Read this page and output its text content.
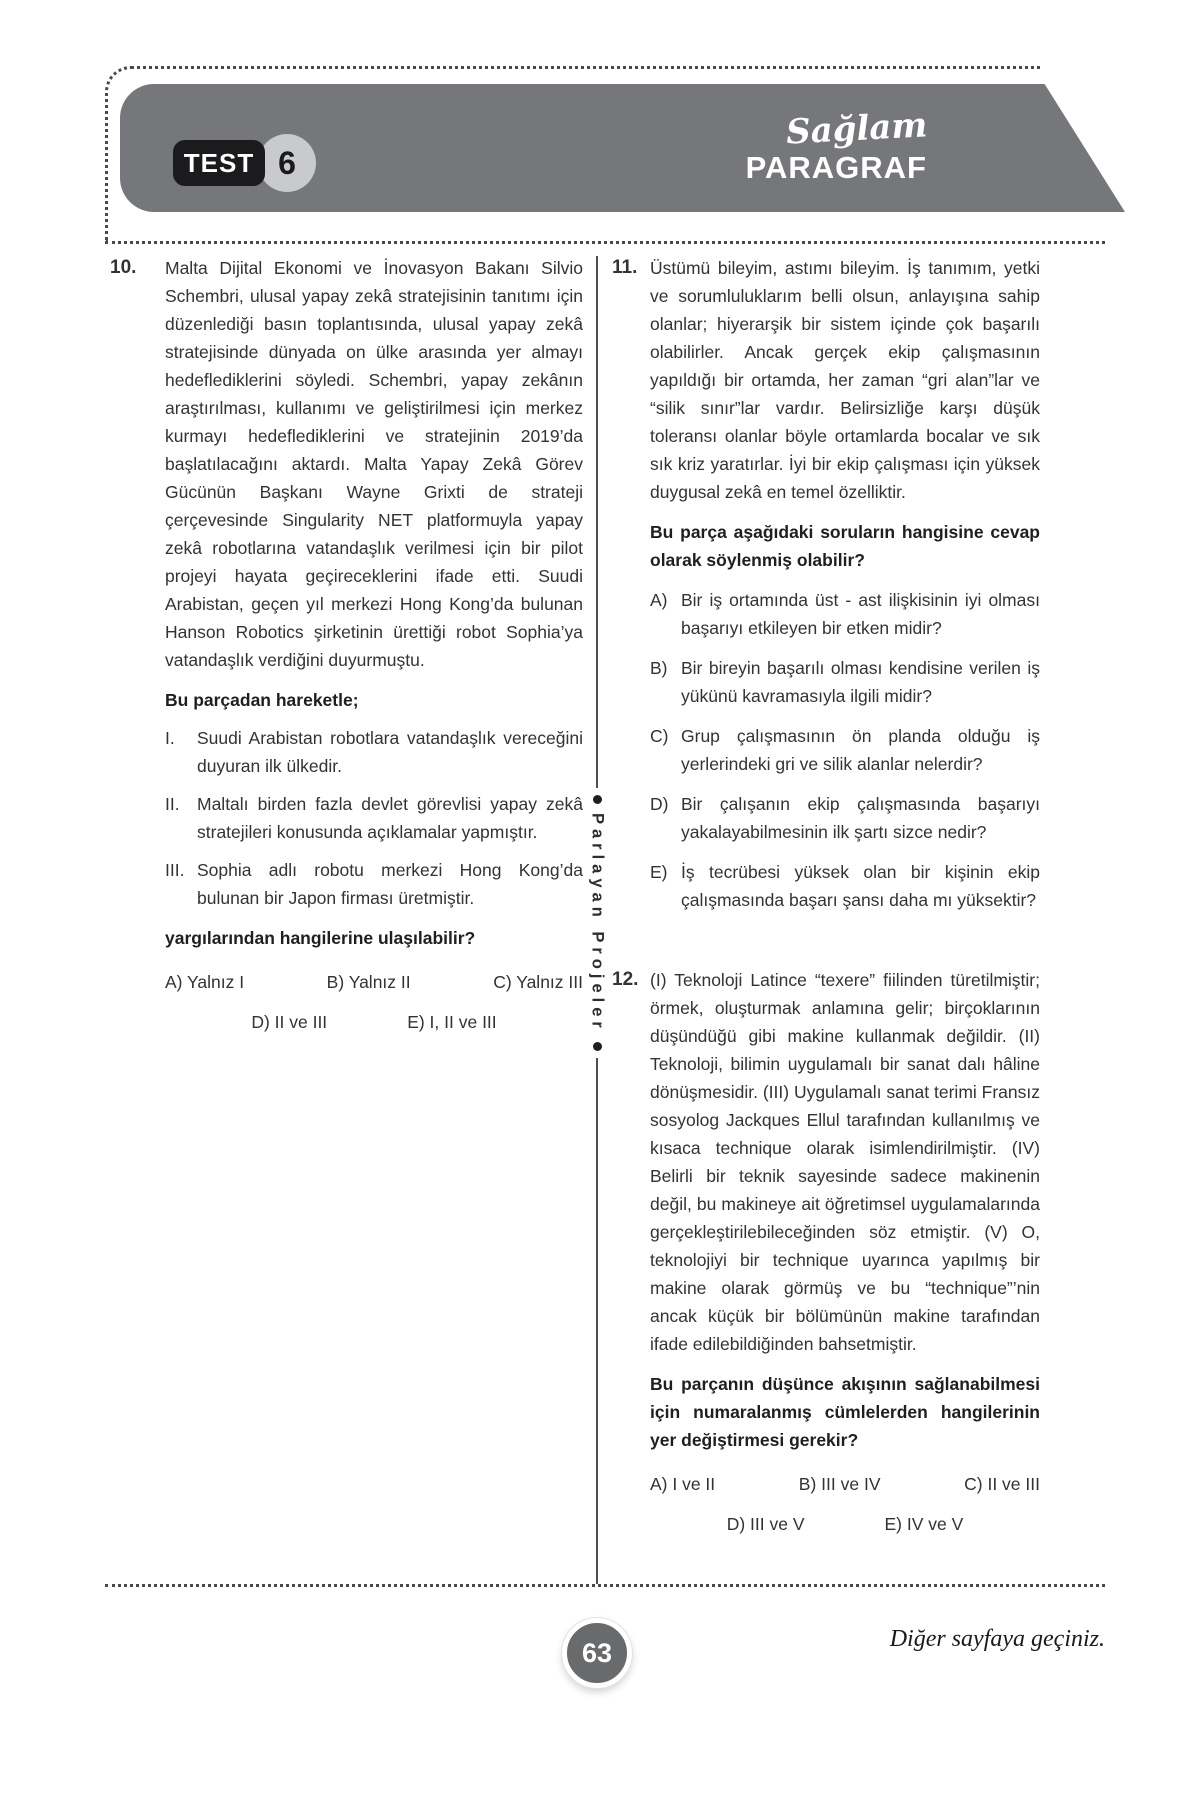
6
TEST
Sağlam
PARAGRAF
10.	Malta Dijital Ekonomi ve İnovasyon Bakanı Silvio Schembri, ulusal yapay zekâ stratejisinin tanıtımı için düzenlediği basın toplantısında, ulusal yapay zekâ stratejisinde dünyada on ülke arasında yer almayı hedeflediklerini söyledi. Schembri, yapay zekânın araştırılması, kullanımı ve geliştirilmesi için merkez kurmayı hedeflediklerini ve stratejinin 2019’da başlatılacağını aktardı. Malta Yapay Zekâ Görev Gücünün Başkanı Wayne Grixti de strateji çerçevesinde Singularity NET platformuyla yapay zekâ robotlarına vatandaşlık verilmesi için bir pilot projeyi hayata geçireceklerini ifade etti. Suudi Arabistan, geçen yıl merkezi Hong Kong’da bulunan Hanson Robotics şirketinin ürettiği robot Sophia’ya vatandaşlık verdiğini duyurmuştu.

Bu parçadan hareketle;

I.	Suudi Arabistan robotlara vatandaşlık vereceğini duyuran ilk ülkedir.
II. Maltalı birden fazla devlet görevlisi yapay zekâ stratejileri konusunda açıklamalar yapmıştır.
III. Sophia adlı robotu merkezi Hong Kong’da bulunan bir Japon firması üretmiştir.

yargılarından hangilerine ulaşılabilir?

A) Yalnız I	B) Yalnız II	C) Yalnız III
D) II ve III	E) I, II ve III	Parlayan Projeler
11. Üstümü bileyim, astımı bileyim. İş tanımım, yetki ve sorumluluklarım belli olsun, anlayışına sahip olanlar; hiyerarşik bir sistem içinde çok başarılı olabilirler. Ancak gerçek ekip çalışmasının yapıldığı bir ortamda, her zaman “gri alan”lar ve “silik sınır”lar vardır. Belirsizliğe karşı düşük toleransı olanlar böyle ortamlarda bocalar ve sık sık kriz yaratırlar. İyi bir ekip çalışması için yüksek duygusal zekâ en temel özelliktir.

Bu parça aşağıdaki soruların hangisine cevap olarak söylenmiş olabilir?

A) Bir iş ortamında üst - ast ilişkisinin iyi olması başarıyı etkileyen bir etken midir?
B) Bir bireyin başarılı olması kendisine verilen iş yükünü kavramasıyla ilgili midir?
C) Grup çalışmasının ön planda olduğu iş yerlerindeki gri ve silik alanlar nelerdir?
D) Bir çalışanın ekip çalışmasında başarıyı yakalayabilmesinin ilk şartı sizce nedir?
E) İş tecrübesi yüksek olan bir kişinin ekip çalışmasında başarı şansı daha mı yüksektir?
12. (I) Teknoloji Latince “texere” fiilinden türetilmiştir; örmek, oluşturmak anlamına gelir; birçoklarının düşündüğü gibi makine kullanmak değildir. (II) Teknoloji, bilimin uygulamalı bir sanat dalı hâline dönüşmesidir. (III) Uygulamalı sanat terimi Fransız sosyolog Jackques Ellul tarafından kullanılmış ve kısaca technique olarak isimlendirilmiştir. (IV) Belirli bir teknik sayesinde sadece makinenin değil, bu makineye ait öğretimsel uygulamalarında gerçekleştirilebileceğinden söz etmiştir. (V) O, teknolojiyi bir technique uyarınca yapılmış bir makine olarak görmüş ve bu “technique”’nin ancak küçük bir bölümünün makine tarafından ifade edilebildiğinden bahsetmiştir.

Bu parçanın düşünce akışının sağlanabilmesi için numaralanmış cümlelerden hangilerinin yer değiştirmesi gerekir?

A) I ve II	B) III ve IV	C) II ve III
D) III ve V	E) IV ve V
63	Diğer sayfaya geçiniz.
